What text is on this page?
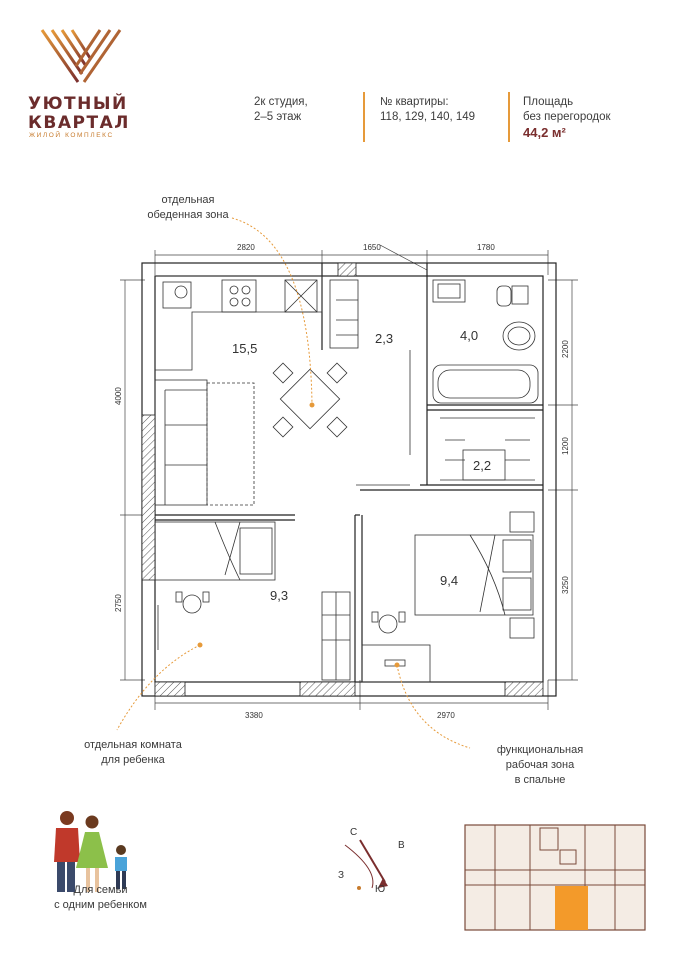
УЮТНЫЙ
КВАРТАЛ
ЖИЛОЙ КОМПЛЕКС
2к студия,
2–5 этаж
№ квартиры:
118, 129, 140, 149
Площадь
без перегородок
44,2 м²
2820	1650	1780
4000
2750
2200
1200
3250
3380	2970
15,5
2,3	4,0
2,2
9,3
9,4
С
В
З
Ю
отдельная
обеденная зона
отдельная комната
для ребенка
функциональная
рабочая зона
в спальне
Для семьи
с одним ребенком
